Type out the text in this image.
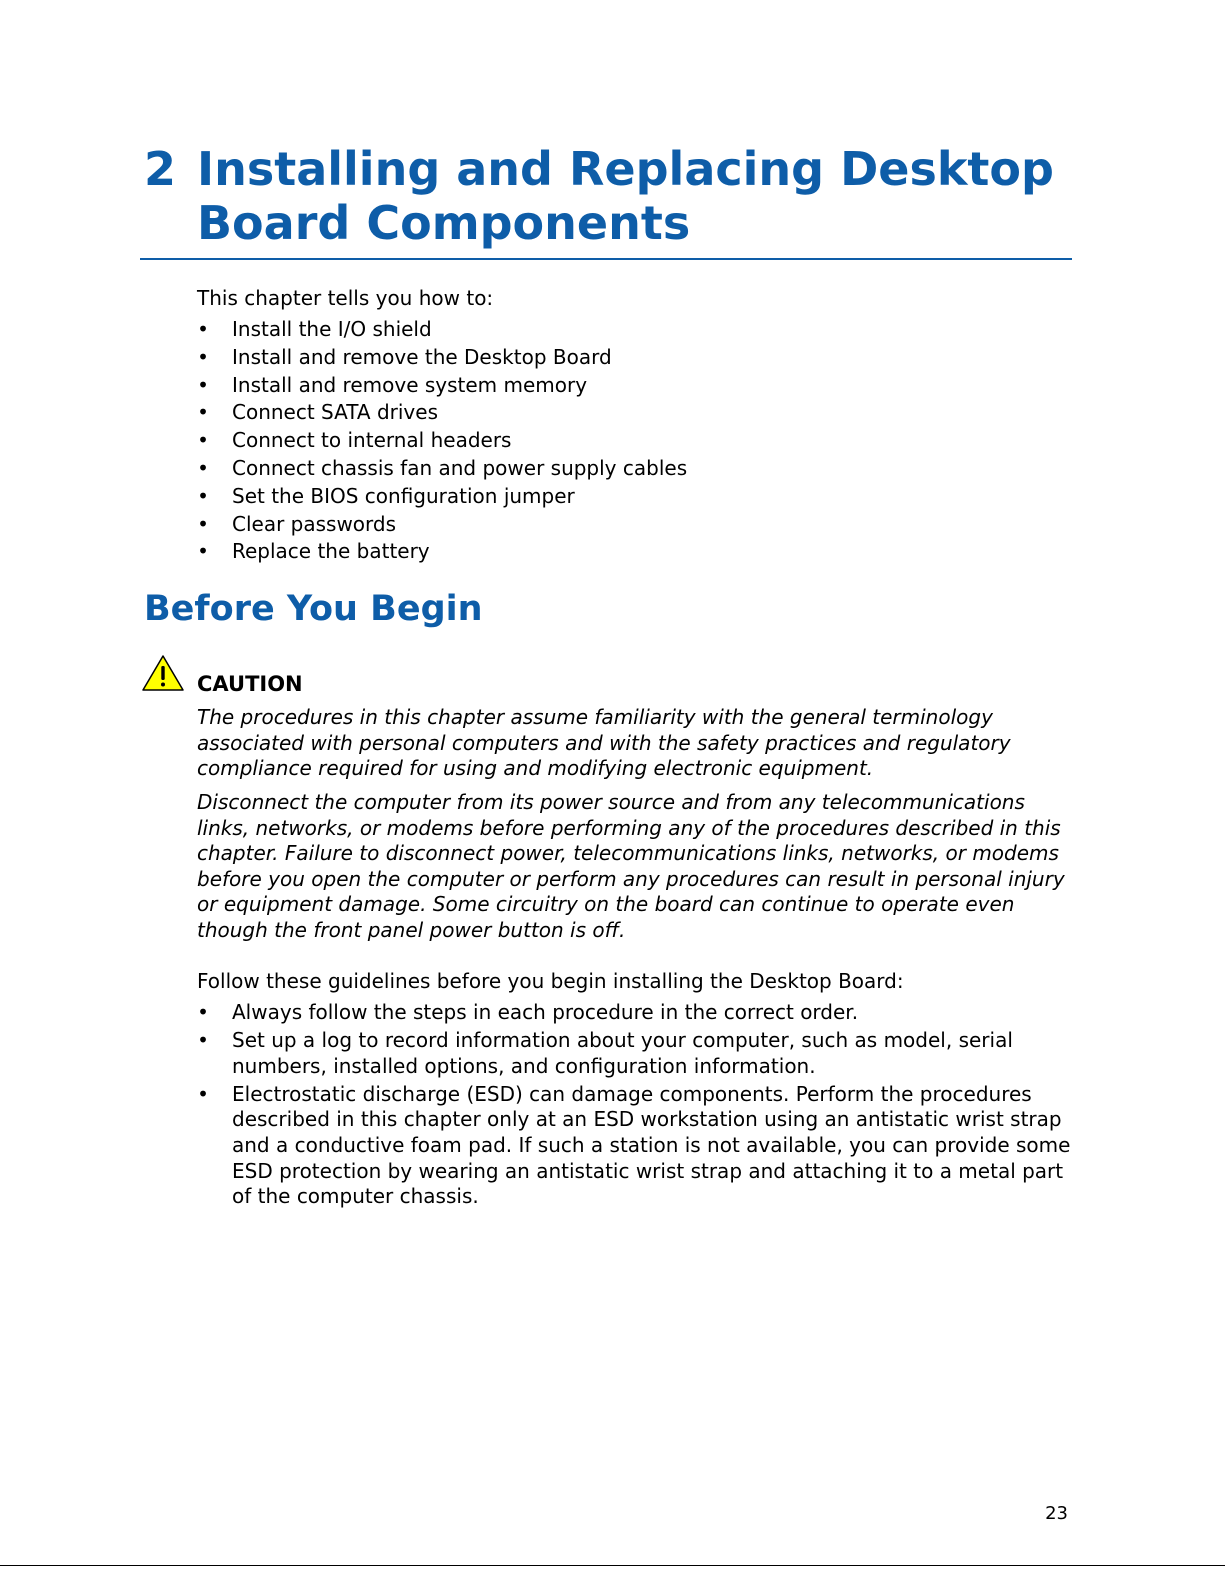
2 Installing and Replacing Desktop Board Components

This chapter tells you how to:

• Install the I/O shield
• Install and remove the Desktop Board
• Install and remove system memory
• Connect SATA drives
• Connect to internal headers
• Connect chassis fan and power supply cables
• Set the BIOS configuration jumper
• Clear passwords
• Replace the battery
Before You Begin

CAUTION

The procedures in this chapter assume familiarity with the general terminology associated with personal computers and with the safety practices and regulatory compliance required for using and modifying electronic equipment.

Disconnect the computer from its power source and from any telecommunications links, networks, or modems before performing any of the procedures described in this chapter. Failure to disconnect power, telecommunications links, networks, or modems before you open the computer or perform any procedures can result in personal injury or equipment damage. Some circuitry on the board can continue to operate even though the front panel power button is off.

Follow these guidelines before you begin installing the Desktop Board:

• Always follow the steps in each procedure in the correct order.
• Set up a log to record information about your computer, such as model, serial numbers, installed options, and configuration information.
• Electrostatic discharge (ESD) can damage components. Perform the procedures described in this chapter only at an ESD workstation using an antistatic wrist strap and a conductive foam pad. If such a station is not available, you can provide some ESD protection by wearing an antistatic wrist strap and attaching it to a metal part of the computer chassis.

23
